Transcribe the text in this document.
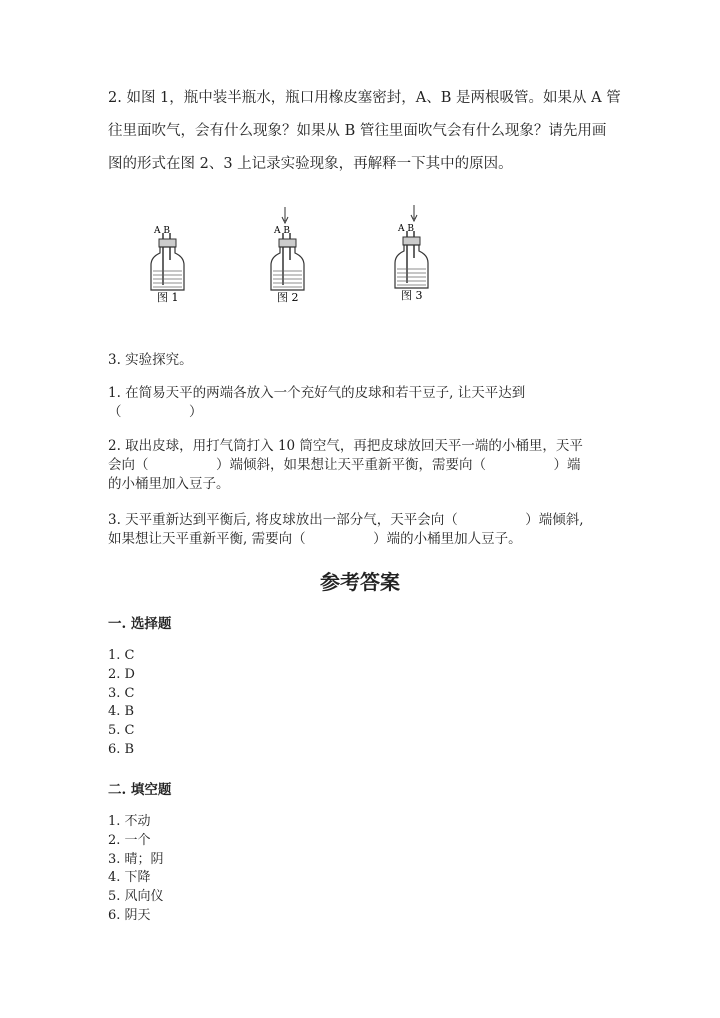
2. 如图 1，瓶中装半瓶水，瓶口用橡皮塞密封，A、B 是两根吸管。如果从 A 管
往里面吹气，会有什么现象？如果从 B 管往里面吹气会有什么现象？请先用画
图的形式在图 2、3 上记录实验现象，再解释一下其中的原因。
A B
图 1
A B
图 2
A B
图 3
3. 实验探究。
1. 在简易天平的两端各放入一个充好气的皮球和若干豆子, 让天平达到
（　　　　　）
2. 取出皮球，用打气筒打入 10 筒空气，再把皮球放回天平一端的小桶里，天平
会向（　　　　　）端倾斜，如果想让天平重新平衡，需要向（　　　　　）端
的小桶里加入豆子。
3. 天平重新达到平衡后, 将皮球放出一部分气，天平会向（　　　　　）端倾斜,
如果想让天平重新平衡, 需要向（　　　　　）端的小桶里加人豆子。
参考答案
一. 选择题
1. C
2. D
3. C
4. B
5. C
6. B
二. 填空题
1. 不动
2. 一个
3. 晴；阴
4. 下降
5. 风向仪
6. 阴天
